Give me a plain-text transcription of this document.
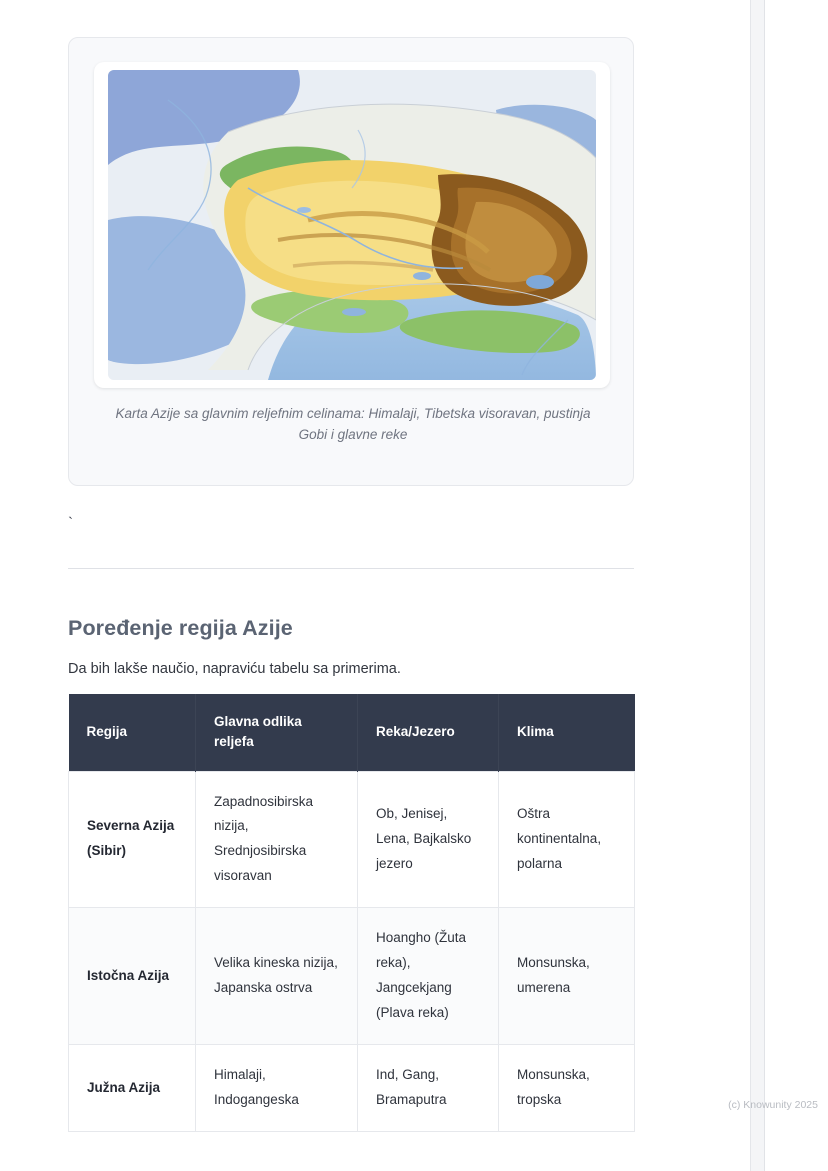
Karta Azije sa glavnim reljefnim celinama: Himalaji, Tibetska visoravan, pustinja Gobi i glavne reke
`
Poređenje regija Azije

Da bih lakše naučio, napraviću tabelu sa primerima.

Regija	Glavna odlika reljefa	Reka/Jezero	Klima
Severna Azija (Sibir)	Zapadnosibirska nizija, Srednjosibirska visoravan	Ob, Jenisej, Lena, Bajkalsko jezero	Oštra kontinentalna, polarna
Istočna Azija	Velika kineska nizija, Japanska ostrva	Hoangho (Žuta reka), Jangcekjang (Plava reka)	Monsunska, umerena
Južna Azija	Himalaji, Indogangeska	Ind, Gang, Bramaputra	Monsunska, tropska	(c) Knowunity 2025
